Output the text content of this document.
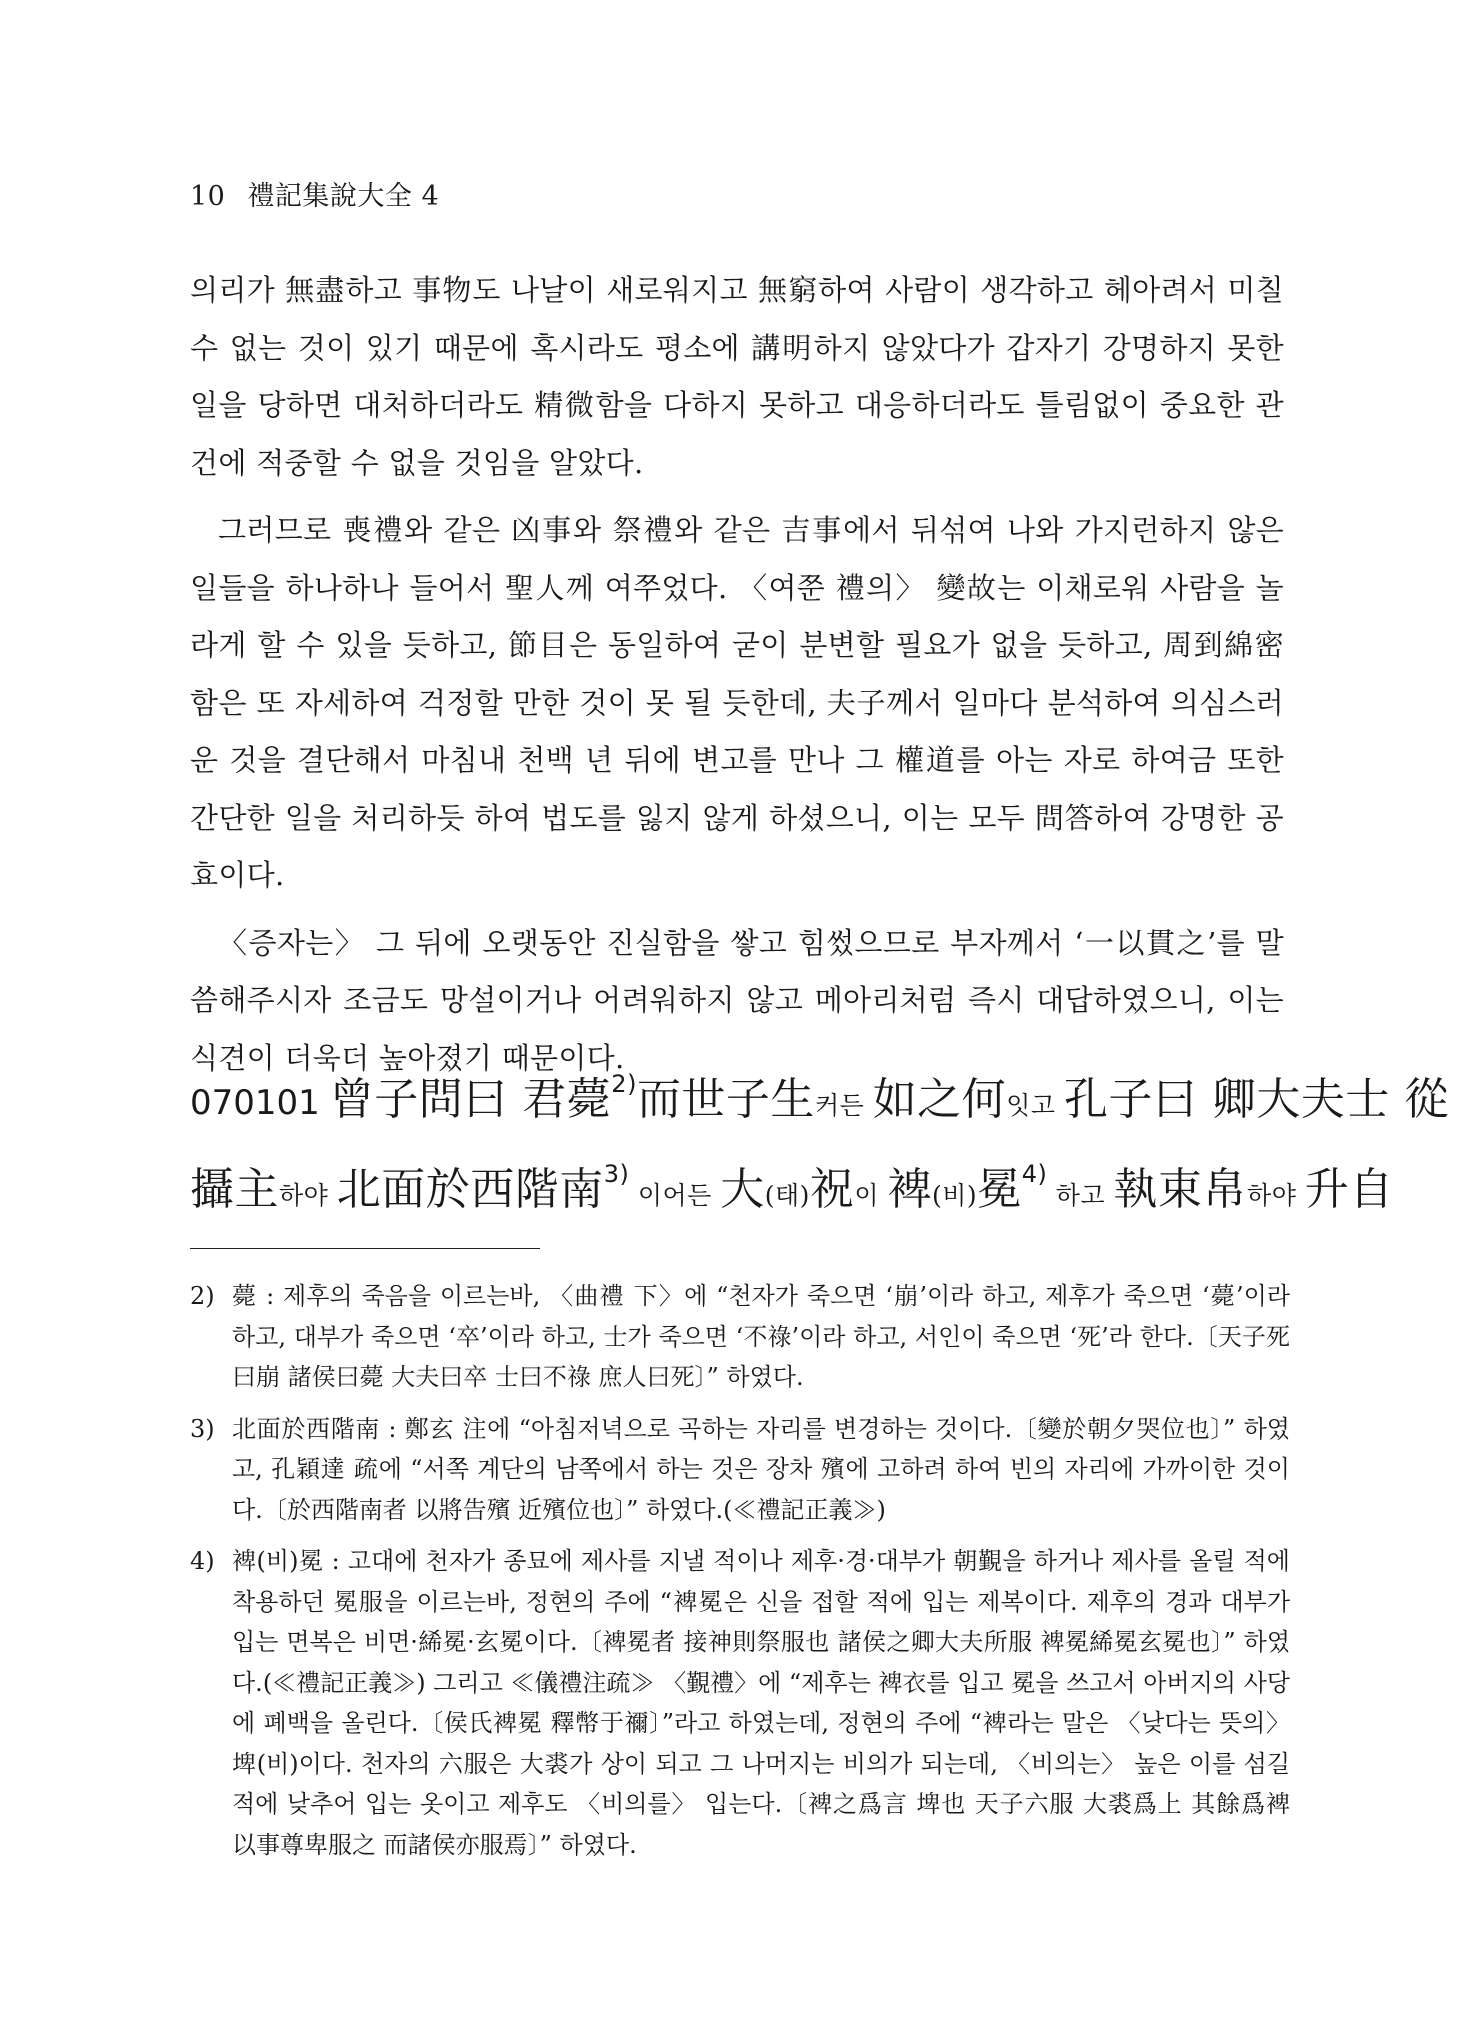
10 禮記集說大全 4

의리가 無盡하고 事物도 나날이 새로워지고 無窮하여 사람이 생각하고 헤아려서 미칠 수 없는 것이 있기 때문에 혹시라도 평소에 講明하지 않았다가 갑자기 강명하지 못한 일을 당하면 대처하더라도 精微함을 다하지 못하고 대응하더라도 틀림없이 중요한 관건에 적중할 수 없을 것임을 알았다.

그러므로 喪禮와 같은 凶事와 祭禮와 같은 吉事에서 뒤섞여 나와 가지런하지 않은 일들을 하나하나 들어서 聖人께 여쭈었다. 〈여쭌 禮의〉 變故는 이채로워 사람을 놀라게 할 수 있을 듯하고, 節目은 동일하여 굳이 분변할 필요가 없을 듯하고, 周到綿密함은 또 자세하여 걱정할 만한 것이 못 될 듯한데, 夫子께서 일마다 분석하여 의심스러운 것을 결단해서 마침내 천백 년 뒤에 변고를 만나 그 權道를 아는 자로 하여금 또한 간단한 일을 처리하듯 하여 법도를 잃지 않게 하셨으니, 이는 모두 問答하여 강명한 공효이다.

〈증자는〉 그 뒤에 오랫동안 진실함을 쌓고 힘썼으므로 부자께서 ‘一以貫之’를 말씀해주시자 조금도 망설이거나 어려워하지 않고 메아리처럼 즉시 대답하였으니, 이는 식견이 더욱더 높아졌기 때문이다.

070101 曾子問曰 君薨$^{2)}$而世子生커든 如之何잇고 孔子曰 卿大夫士 從
攝主하야 北面於西階南$^{3)}$ 이어든 大(태)祝이 裨(비)冕$^{4)}$ 하고 執束帛하야 升自
2) 薨 : 제후의 죽음을 이르는바, 〈曲禮 下〉에 “천자가 죽으면 ‘崩’이라 하고, 제후가 죽으면 ‘薨’이라 하고, 대부가 죽으면 ‘卒’이라 하고, 士가 죽으면 ‘不祿’이라 하고, 서인이 죽으면 ‘死’라 한다.〔天子死曰崩 諸侯曰薨 大夫曰卒 士曰不祿 庶人曰死〕” 하였다.
3) 北面於西階南 : 鄭玄 注에 “아침저녁으로 곡하는 자리를 변경하는 것이다.〔變於朝夕哭位也〕” 하였고, 孔穎達 疏에 “서쪽 계단의 남쪽에서 하는 것은 장차 殯에 고하려 하여 빈의 자리에 가까이한 것이다.〔於西階南者 以將告殯 近殯位也〕” 하였다.(≪禮記正義≫)
4) 裨(비)冕 : 고대에 천자가 종묘에 제사를 지낼 적이나 제후·경·대부가 朝覲을 하거나 제사를 올릴 적에 착용하던 冕服을 이르는바, 정현의 주에 “裨冕은 신을 접할 적에 입는 제복이다. 제후의 경과 대부가 입는 면복은 비면·絺冕·玄冕이다.〔裨冕者 接神則祭服也 諸侯之卿大夫所服 裨冕絺冕玄冕也〕” 하였다.(≪禮記正義≫) 그리고 ≪儀禮注疏≫ 〈覲禮〉에 “제후는 裨衣를 입고 冕을 쓰고서 아버지의 사당에 폐백을 올린다.〔侯氏裨冕 釋幣于禰〕”라고 하였는데, 정현의 주에 “裨라는 말은 〈낮다는 뜻의〉 埤(비)이다. 천자의 六服은 大裘가 상이 되고 그 나머지는 비의가 되는데, 〈비의는〉 높은 이를 섬길 적에 낮추어 입는 옷이고 제후도 〈비의를〉 입는다.〔裨之爲言 埤也 天子六服 大裘爲上 其餘爲裨 以事尊卑服之 而諸侯亦服焉〕” 하였다.
